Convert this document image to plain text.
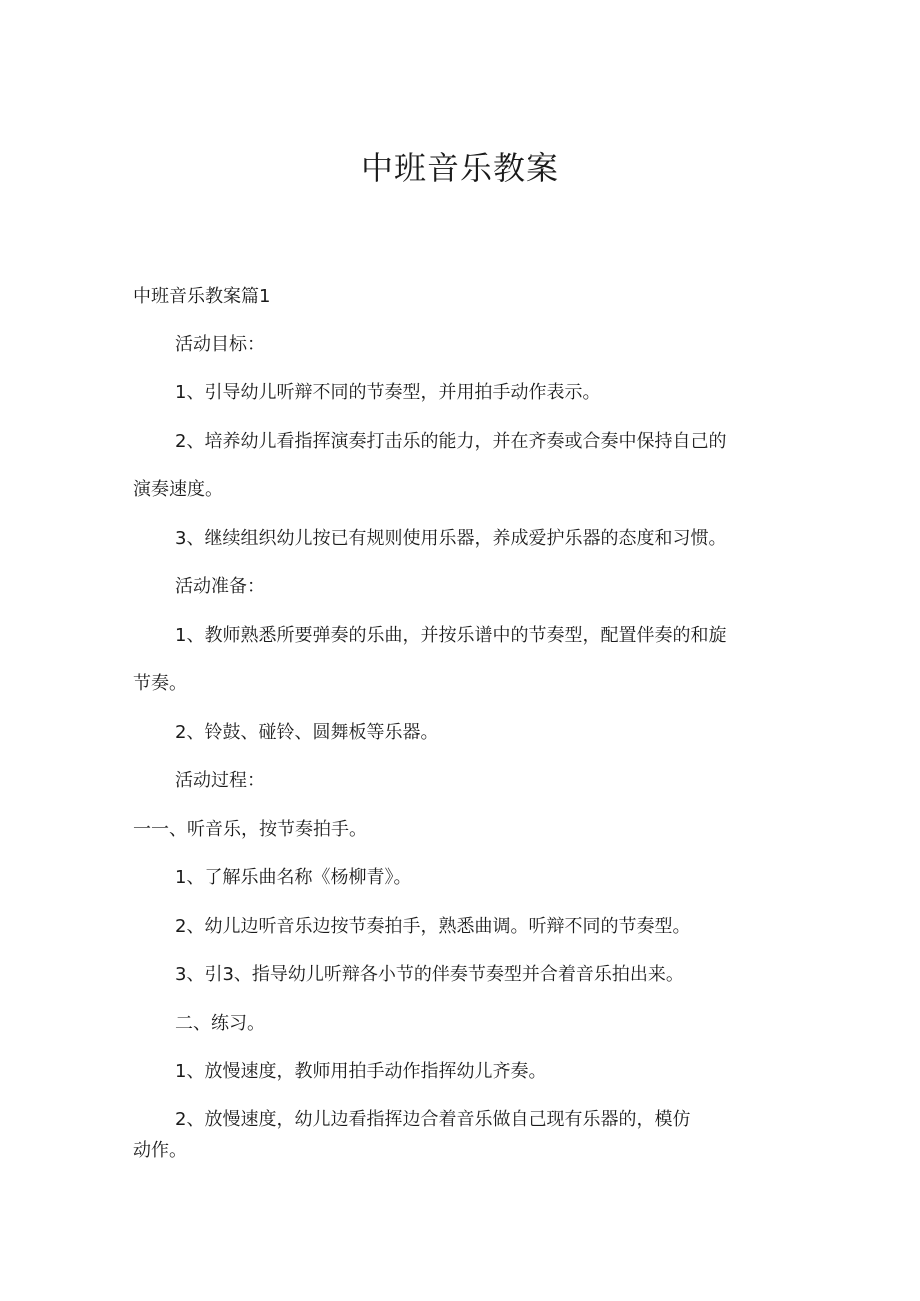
中班音乐教案

中班音乐教案篇1

活动目标：

1、引导幼儿听辩不同的节奏型，并用拍手动作表示。

2、培养幼儿看指挥演奏打击乐的能力，并在齐奏或合奏中保持自己的

演奏速度。

3、继续组织幼儿按已有规则使用乐器，养成爱护乐器的态度和习惯。

活动准备：

1、教师熟悉所要弹奏的乐曲，并按乐谱中的节奏型，配置伴奏的和旋

节奏。

2、铃鼓、碰铃、圆舞板等乐器。

活动过程：

一一、听音乐，按节奏拍手。

1、了解乐曲名称《杨柳青》。

2、幼儿边听音乐边按节奏拍手，熟悉曲调。听辩不同的节奏型。

3、引3、指导幼儿听辩各小节的伴奏节奏型并合着音乐拍出来。

二、练习。

1、放慢速度，教师用拍手动作指挥幼儿齐奏。

2、放慢速度，幼儿边看指挥边合着音乐做自己现有乐器的，模仿

动作。
